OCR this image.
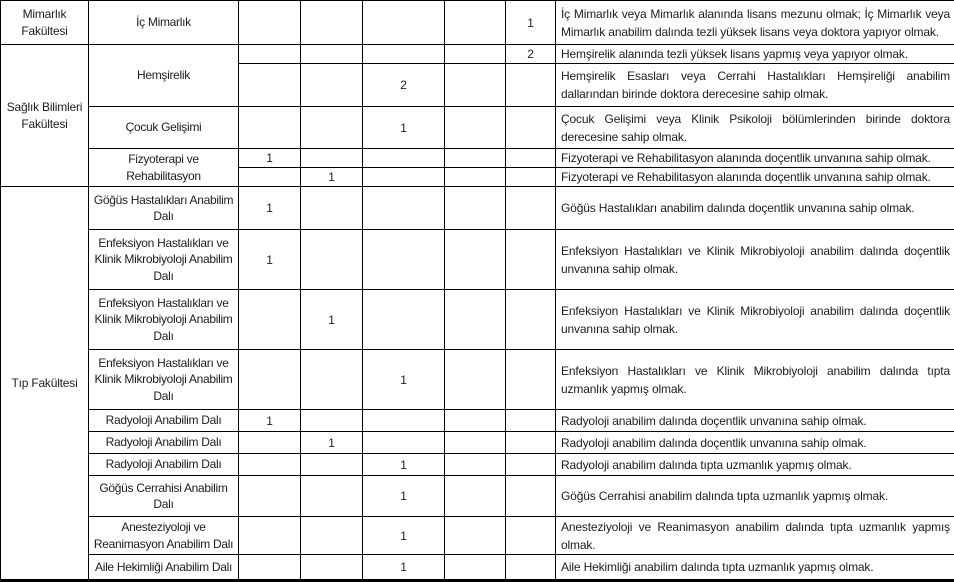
Mimarlık Fakültesi	İç Mimarlık					1	İç Mimarlık veya Mimarlık alanında lisans mezunu olmak; İç Mimarlık veya Mimarlık anabilim dalında tezli yüksek lisans veya doktora yapıyor olmak.
Sağlık Bilimleri Fakültesi	Hemşirelik					2	Hemşirelik alanında tezli yüksek lisans yapmış veya yapıyor olmak.
				2			Hemşirelik Esasları veya Cerrahi Hastalıkları Hemşireliği anabilim dallarından birinde doktora derecesine sahip olmak.
	Çocuk Gelişimi			1			Çocuk Gelişimi veya Klinik Psikoloji bölümlerinden birinde doktora derecesine sahip olmak.
	Fizyoterapi ve Rehabilitasyon	1					Fizyoterapi ve Rehabilitasyon alanında doçentlik unvanına sahip olmak.
			1				Fizyoterapi ve Rehabilitasyon alanında doçentlik unvanına sahip olmak.
Tıp Fakültesi	Göğüs Hastalıkları Anabilim Dalı	1					Göğüs Hastalıkları anabilim dalında doçentlik unvanına sahip olmak.
	Enfeksiyon Hastalıkları ve Klinik Mikrobiyoloji Anabilim Dalı	1					Enfeksiyon Hastalıkları ve Klinik Mikrobiyoloji anabilim dalında doçentlik unvanına sahip olmak.
	Enfeksiyon Hastalıkları ve Klinik Mikrobiyoloji Anabilim Dalı		1				Enfeksiyon Hastalıkları ve Klinik Mikrobiyoloji anabilim dalında doçentlik unvanına sahip olmak.
	Enfeksiyon Hastalıkları ve Klinik Mikrobiyoloji Anabilim Dalı			1			Enfeksiyon Hastalıkları ve Klinik Mikrobiyoloji anabilim dalında tıpta uzmanlık yapmış olmak.
	Radyoloji Anabilim Dalı	1					Radyoloji anabilim dalında doçentlik unvanına sahip olmak.
	Radyoloji Anabilim Dalı		1				Radyoloji anabilim dalında doçentlik unvanına sahip olmak.
	Radyoloji Anabilim Dalı			1			Radyoloji anabilim dalında tıpta uzmanlık yapmış olmak.
	Göğüs Cerrahisi Anabilim Dalı			1			Göğüs Cerrahisi anabilim dalında tıpta uzmanlık yapmış olmak.
	Anesteziyoloji ve Reanimasyon Anabilim Dalı			1			Anesteziyoloji ve Reanimasyon anabilim dalında tıpta uzmanlık yapmış olmak.
	Aile Hekimliği Anabilim Dalı			1			Aile Hekimliği anabilim dalında tıpta uzmanlık yapmış olmak.
